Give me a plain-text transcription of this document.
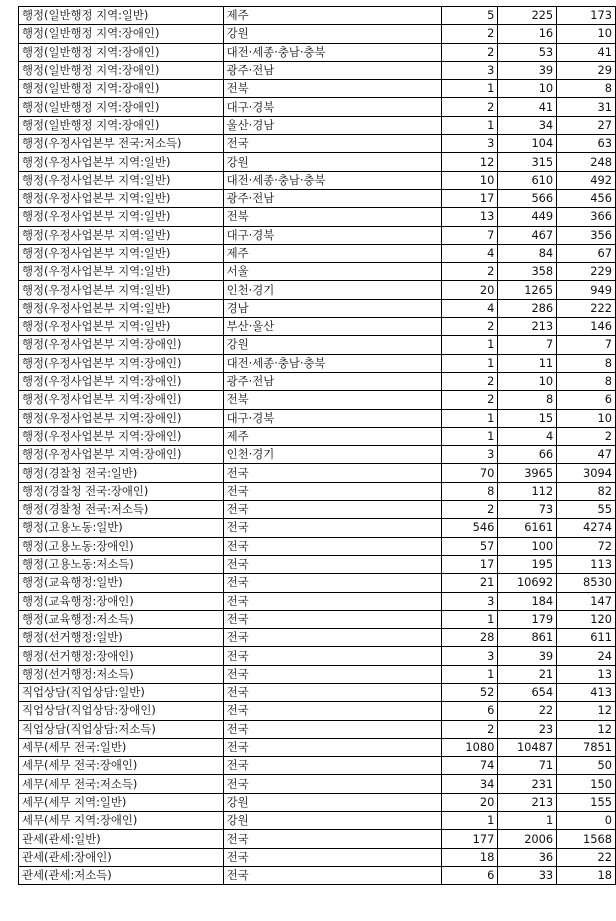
행정(일반행정 지역:일반)	제주	5	225	173
행정(일반행정 지역:장애인)	강원	2	16	10
행정(일반행정 지역:장애인)	대전·세종·충남·충북	2	53	41
행정(일반행정 지역:장애인)	광주·전남	3	39	29
행정(일반행정 지역:장애인)	전북	1	10	8
행정(일반행정 지역:장애인)	대구·경북	2	41	31
행정(일반행정 지역:장애인)	울산·경남	1	34	27
행정(우정사업본부 전국:저소득)	전국	3	104	63
행정(우정사업본부 지역:일반)	강원	12	315	248
행정(우정사업본부 지역:일반)	대전·세종·충남·충북	10	610	492
행정(우정사업본부 지역:일반)	광주·전남	17	566	456
행정(우정사업본부 지역:일반)	전북	13	449	366
행정(우정사업본부 지역:일반)	대구·경북	7	467	356
행정(우정사업본부 지역:일반)	제주	4	84	67
행정(우정사업본부 지역:일반)	서울	2	358	229
행정(우정사업본부 지역:일반)	인천·경기	20	1265	949
행정(우정사업본부 지역:일반)	경남	4	286	222
행정(우정사업본부 지역:일반)	부산·울산	2	213	146
행정(우정사업본부 지역:장애인)	강원	1	7	7
행정(우정사업본부 지역:장애인)	대전·세종·충남·충북	1	11	8
행정(우정사업본부 지역:장애인)	광주·전남	2	10	8
행정(우정사업본부 지역:장애인)	전북	2	8	6
행정(우정사업본부 지역:장애인)	대구·경북	1	15	10
행정(우정사업본부 지역:장애인)	제주	1	4	2
행정(우정사업본부 지역:장애인)	인천·경기	3	66	47
행정(경찰청 전국:일반)	전국	70	3965	3094
행정(경찰청 전국:장애인)	전국	8	112	82
행정(경찰청 전국:저소득)	전국	2	73	55
행정(고용노동:일반)	전국	546	6161	4274
행정(고용노동:장애인)	전국	57	100	72
행정(고용노동:저소득)	전국	17	195	113
행정(교육행정:일반)	전국	21	10692	8530
행정(교육행정:장애인)	전국	3	184	147
행정(교육행정:저소득)	전국	1	179	120
행정(선거행정:일반)	전국	28	861	611
행정(선거행정:장애인)	전국	3	39	24
행정(선거행정:저소득)	전국	1	21	13
직업상담(직업상담:일반)	전국	52	654	413
직업상담(직업상담:장애인)	전국	6	22	12
직업상담(직업상담:저소득)	전국	2	23	12
세무(세무 전국:일반)	전국	1080	10487	7851
세무(세무 전국:장애인)	전국	74	71	50
세무(세무 전국:저소득)	전국	34	231	150
세무(세무 지역:일반)	강원	20	213	155
세무(세무 지역:장애인)	강원	1	1	0
관세(관세:일반)	전국	177	2006	1568
관세(관세:장애인)	전국	18	36	22
관세(관세:저소득)	전국	6	33	18
